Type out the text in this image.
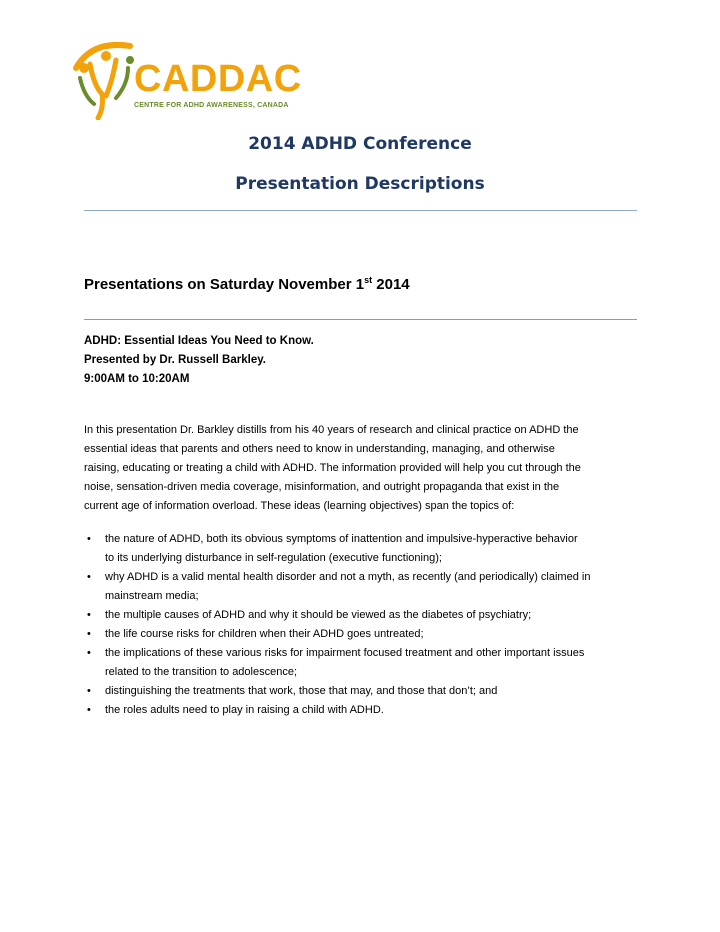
CADDAC
CENTRE FOR ADHD AWARENESS, CANADA
2014 ADHD Conference
Presentation Descriptions
Presentations on Saturday November 1st 2014
ADHD: Essential Ideas You Need to Know.
Presented by Dr. Russell Barkley.
9:00AM to 10:20AM
In this presentation Dr. Barkley distills from his 40 years of research and clinical practice on ADHD the
essential ideas that parents and others need to know in understanding, managing, and otherwise
raising, educating or treating a child with ADHD. The information provided will help you cut through the
noise, sensation-driven media coverage, misinformation, and outright propaganda that exist in the
current age of information overload. These ideas (learning objectives) span the topics of:
• the nature of ADHD, both its obvious symptoms of inattention and impulsive-hyperactive behavior
to its underlying disturbance in self-regulation (executive functioning);
• why ADHD is a valid mental health disorder and not a myth, as recently (and periodically) claimed in
mainstream media;
• the multiple causes of ADHD and why it should be viewed as the diabetes of psychiatry;
• the life course risks for children when their ADHD goes untreated;
• the implications of these various risks for impairment focused treatment and other important issues
related to the transition to adolescence;
• distinguishing the treatments that work, those that may, and those that don’t; and
• the roles adults need to play in raising a child with ADHD.
